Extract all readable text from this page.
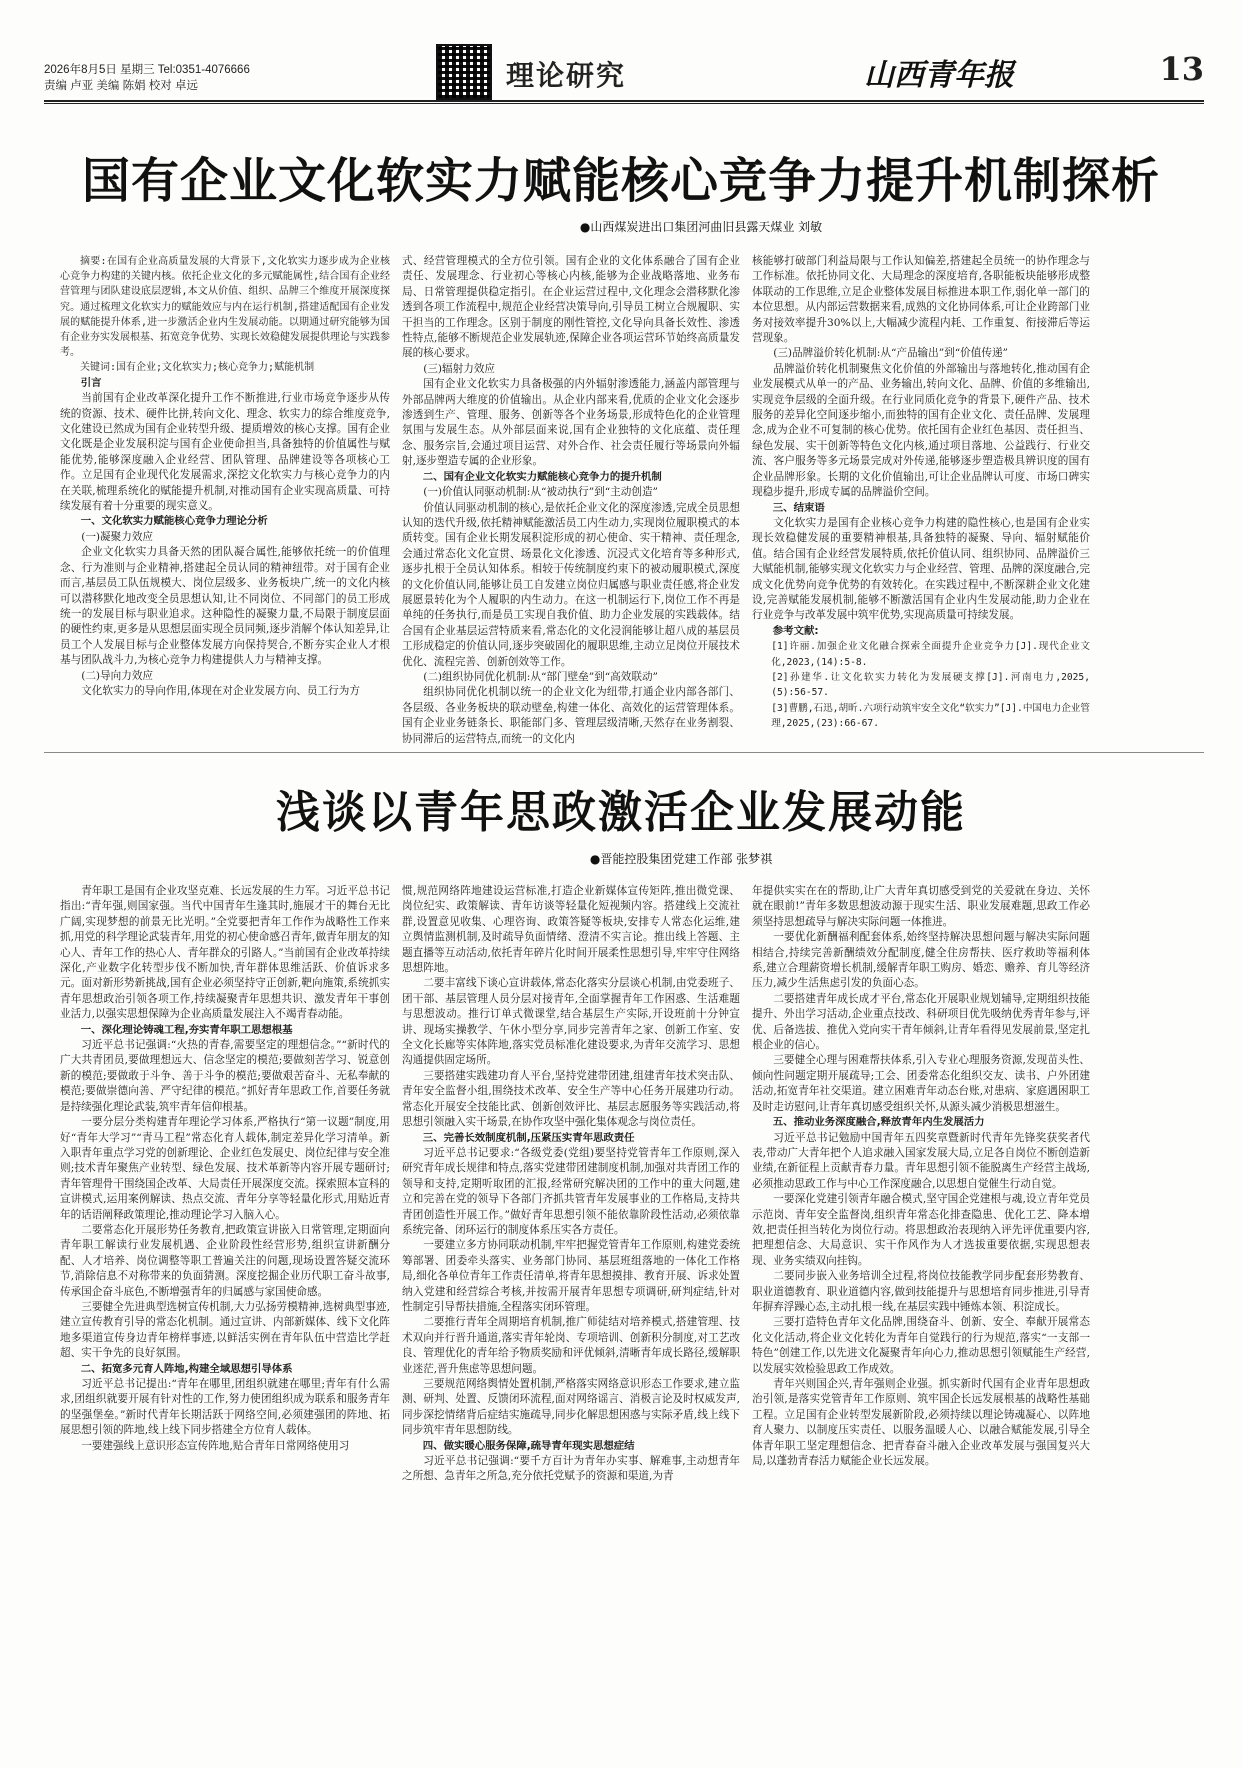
2026年8月5日 星期三 Tel:0351-4076666
责编 卢亚 美编 陈娟 校对 卓远	理论研究	山西青年报	13
国有企业文化软实力赋能核心竞争力提升机制探析
●山西煤炭进出口集团河曲旧县露天煤业 刘敏

摘要:在国有企业高质量发展的大背景下,文化软实力逐步成为企业核心竞争力构建的关键内核。依托企业文化的多元赋能属性,结合国有企业经营管理与团队建设底层逻辑,本文从价值、组织、品牌三个维度开展深度探究。通过梳理文化软实力的赋能效应与内在运行机制,搭建适配国有企业发展的赋能提升体系,进一步激活企业内生发展动能。以期通过研究能够为国有企业夯实发展根基、拓宽竞争优势、实现长效稳健发展提供理论与实践参考。

关键词:国有企业;文化软实力;核心竞争力;赋能机制

引言

当前国有企业改革深化提升工作不断推进,行业市场竞争逐步从传统的资源、技术、硬件比拼,转向文化、理念、软实力的综合维度竞争,文化建设已然成为国有企业转型升级、提质增效的核心支撑。国有企业文化既是企业发展积淀与国有企业使命担当,具备独特的价值属性与赋能优势,能够深度融入企业经营、团队管理、品牌建设等各项核心工作。立足国有企业现代化发展需求,深挖文化软实力与核心竞争力的内在关联,梳理系统化的赋能提升机制,对推动国有企业实现高质量、可持续发展有着十分重要的现实意义。

一、文化软实力赋能核心竞争力理论分析

(一)凝聚力效应

企业文化软实力具备天然的团队凝合属性,能够依托统一的价值理念、行为准则与企业精神,搭建起全员认同的精神纽带。对于国有企业而言,基层员工队伍规模大、岗位层级多、业务板块广,统一的文化内核可以潜移默化地改变全员思想认知,让不同岗位、不同部门的员工形成统一的发展目标与职业追求。这种隐性的凝聚力量,不局限于制度层面的硬性约束,更多是从思想层面实现全员同频,逐步消解个体认知差异,让员工个人发展目标与企业整体发展方向保持契合,不断夯实企业人才根基与团队战斗力,为核心竞争力构建提供人力与精神支撑。

(二)导向力效应

文化软实力的导向作用,体现在对企业发展方向、员工行为方

式、经营管理模式的全方位引领。国有企业的文化体系融合了国有企业责任、发展理念、行业初心等核心内核,能够为企业战略落地、业务布局、日常管理提供稳定指引。在企业运营过程中,文化理念会潜移默化渗透到各项工作流程中,规范企业经营决策导向,引导员工树立合规履职、实干担当的工作理念。区别于制度的刚性管控,文化导向具备长效性、渗透性特点,能够不断规范企业发展轨迹,保障企业各项运营环节始终高质量发展的核心要求。

(三)辐射力效应

国有企业文化软实力具备极强的内外辐射渗透能力,涵盖内部管理与外部品牌两大维度的价值输出。从企业内部来看,优质的企业文化会逐步渗透到生产、管理、服务、创新等各个业务场景,形成特色化的企业管理氛围与发展生态。从外部层面来说,国有企业独特的文化底蕴、责任理念、服务宗旨,会通过项目运营、对外合作、社会责任履行等场景向外辐射,逐步塑造专属的企业形象。

二、国有企业文化软实力赋能核心竞争力的提升机制

(一)价值认同驱动机制:从“被动执行”到“主动创造”

价值认同驱动机制的核心,是依托企业文化的深度渗透,完成全员思想认知的迭代升级,依托精神赋能激活员工内生动力,实现岗位履职模式的本质转变。国有企业长期发展积淀形成的初心使命、实干精神、责任理念,会通过常态化文化宣贯、场景化文化渗透、沉浸式文化培育等多种形式,逐步扎根于全员认知体系。相较于传统制度约束下的被动履职模式,深度的文化价值认同,能够让员工自发建立岗位归属感与职业责任感,将企业发展愿景转化为个人履职的内生动力。在这一机制运行下,岗位工作不再是单纯的任务执行,而是员工实现自我价值、助力企业发展的实践载体。结合国有企业基层运营特质来看,常态化的文化浸润能够让超八成的基层员工形成稳定的价值认同,逐步突破固化的履职思维,主动立足岗位开展技术优化、流程完善、创新创效等工作。

(二)组织协同优化机制:从“部门壁垒”到“高效联动”

组织协同优化机制以统一的企业文化为纽带,打通企业内部各部门、各层级、各业务板块的联动壁垒,构建一体化、高效化的运营管理体系。国有企业业务链条长、职能部门多、管理层级清晰,天然存在业务割裂、协同滞后的运营特点,而统一的文化内

核能够打破部门利益局限与工作认知偏差,搭建起全员统一的协作理念与工作标准。依托协同文化、大局理念的深度培育,各职能板块能够形成整体联动的工作思维,立足企业整体发展目标推进本职工作,弱化单一部门的本位思想。从内部运营数据来看,成熟的文化协同体系,可让企业跨部门业务对接效率提升30%以上,大幅减少流程内耗、工作重复、衔接滞后等运营现象。

(三)品牌溢价转化机制:从“产品输出”到“价值传递”

品牌溢价转化机制聚焦文化价值的外部输出与落地转化,推动国有企业发展模式从单一的产品、业务输出,转向文化、品牌、价值的多维输出,实现竞争层级的全面升级。在行业同质化竞争的背景下,硬件产品、技术服务的差异化空间逐步缩小,而独特的国有企业文化、责任品牌、发展理念,成为企业不可复制的核心优势。依托国有企业红色基因、责任担当、绿色发展、实干创新等特色文化内核,通过项目落地、公益践行、行业交流、客户服务等多元场景完成对外传递,能够逐步塑造极具辨识度的国有企业品牌形象。长期的文化价值输出,可让企业品牌认可度、市场口碑实现稳步提升,形成专属的品牌溢价空间。

三、结束语

文化软实力是国有企业核心竞争力构建的隐性核心,也是国有企业实现长效稳健发展的重要精神根基,具备独特的凝聚、导向、辐射赋能价值。结合国有企业经营发展特质,依托价值认同、组织协同、品牌溢价三大赋能机制,能够实现文化软实力与企业经营、管理、品牌的深度融合,完成文化优势向竞争优势的有效转化。在实践过程中,不断深耕企业文化建设,完善赋能发展机制,能够不断激活国有企业内生发展动能,助力企业在行业竞争与改革发展中筑牢优势,实现高质量可持续发展。

参考文献:

[1]许丽.加强企业文化融合探索全面提升企业竞争力[J].现代企业文化,2023,(14):5-8.

[2]孙建华.让文化软实力转化为发展硬支撑[J].河南电力,2025,(5):56-57.

[3]曹鹏,石迅,胡昕.六项行动筑牢安全文化“软实力”[J].中国电力企业管理,2025,(23):66-67.

浅谈以青年思政激活企业发展动能
●晋能控股集团党建工作部 张梦祺

青年职工是国有企业攻坚克难、长远发展的生力军。习近平总书记指出:“青年强,则国家强。当代中国青年生逢其时,施展才干的舞台无比广阔,实现梦想的前景无比光明。”全党要把青年工作作为战略性工作来抓,用党的科学理论武装青年,用党的初心使命感召青年,做青年朋友的知心人、青年工作的热心人、青年群众的引路人。”当前国有企业改革持续深化,产业数字化转型步伐不断加快,青年群体思维活跃、价值诉求多元。面对新形势新挑战,国有企业必须坚持守正创新,靶向施策,系统抓实青年思想政治引领各项工作,持续凝聚青年思想共识、激发青年干事创业活力,以强实思想保障为企业高质量发展注入不竭青春动能。

一、深化理论铸魂工程,夯实青年职工思想根基

习近平总书记强调:“火热的青春,需要坚定的理想信念。”“新时代的广大共青团员,要做理想远大、信念坚定的模范;要做刻苦学习、锐意创新的模范;要做敢于斗争、善于斗争的模范;要做艰苦奋斗、无私奉献的模范;要做崇德向善、严守纪律的模范。”抓好青年思政工作,首要任务就是持续强化理论武装,筑牢青年信仰根基。

一要分层分类构建青年理论学习体系,严格执行“第一议题”制度,用好“青年大学习”“青马工程”常态化育人载体,制定差异化学习清单。新入职青年重点学习党的创新理论、企业红色发展史、岗位纪律与安全准则;技术青年聚焦产业转型、绿色发展、技术革新等内容开展专题研讨;青年管理骨干围绕国企改革、大局责任开展深度交流。探索照本宣科的宣讲模式,运用案例解读、热点交流、青年分享等轻量化形式,用贴近青年的话语阐释政策理论,推动理论学习入脑入心。

二要常态化开展形势任务教育,把政策宣讲嵌入日常管理,定期面向青年职工解读行业发展机遇、企业阶段性经营形势,组织宣讲新酬分配、人才培养、岗位调整等职工普遍关注的问题,现场设置答疑交流环节,消除信息不对称带来的负面猜测。深度挖掘企业历代职工奋斗故事,传承国企奋斗底色,不断增强青年的归属感与家国使命感。

三要健全先进典型选树宣传机制,大力弘扬劳模精神,选树典型事迹,建立宣传教育引导的常态化机制。通过宣讲、内部新媒体、线下文化阵地多渠道宣传身边青年榜样事迹,以鲜活实例在青年队伍中营造比学赶超、实干争先的良好氛围。

二、拓宽多元育人阵地,构建全域思想引导体系

习近平总书记提出:“青年在哪里,团组织就建在哪里;青年有什么需求,团组织就要开展有针对性的工作,努力使团组织成为联系和服务青年的坚强堡垒。”新时代青年长期活跃于网络空间,必须建强团的阵地、拓展思想引领的阵地,线上线下同步搭建全方位育人载体。

一要建强线上意识形态宣传阵地,贴合青年日常网络使用习

惯,规范网络阵地建设运营标准,打造企业新媒体宣传矩阵,推出微党课、岗位纪实、政策解读、青年访谈等轻量化短视频内容。搭建线上交流社群,设置意见收集、心理咨询、政策答疑等板块,安排专人常态化运维,建立舆情监测机制,及时疏导负面情绪、澄清不实言论。推出线上答题、主题直播等互动活动,依托青年碎片化时间开展柔性思想引导,牢牢守住网络思想阵地。

二要丰富线下谈心宣讲载体,常态化落实分层谈心机制,由党委班子、团干部、基层管理人员分层对接青年,全面掌握青年工作困惑、生活难题与思想波动。推行订单式微课堂,结合基层生产实际,开设班前十分钟宣讲、现场实操教学、午休小型分享,同步完善青年之家、创新工作室、安全文化长廊等实体阵地,落实党员标准化建设要求,为青年交流学习、思想沟通提供固定场所。

三要搭建实践建功育人平台,坚持党建带团建,组建青年技术突击队、青年安全监督小组,围绕技术改革、安全生产等中心任务开展建功行动。常态化开展安全技能比武、创新创效评比、基层志愿服务等实践活动,将思想引领融入实干场景,在协作攻坚中强化集体观念与岗位责任。

三、完善长效制度机制,压紧压实青年思政责任

习近平总书记要求:“各级党委(党组)要坚持党管青年工作原则,深入研究青年成长规律和特点,落实党建带团建制度机制,加强对共青团工作的领导和支持,定期听取团的汇报,经常研究解决团的工作中的重大问题,建立和完善在党的领导下各部门齐抓共管青年发展事业的工作格局,支持共青团创造性开展工作。”做好青年思想引领不能依靠阶段性活动,必须依靠系统完备、闭环运行的制度体系压实各方责任。

一要建立多方协同联动机制,牢牢把握党管青年工作原则,构建党委统筹部署、团委牵头落实、业务部门协同、基层班组落地的一体化工作格局,细化各单位青年工作责任清单,将青年思想摸排、教育开展、诉求处置纳入党建和经营综合考核,并按需开展青年思想专项调研,研判症结,针对性制定引导帮扶措施,全程落实闭环管理。

二要推行青年全周期培育机制,推广师徒结对培养模式,搭建管理、技术双向并行晋升通道,落实青年轮岗、专项培训、创新积分制度,对工艺改良、管理优化的青年给予物质奖励和评优倾斜,清晰青年成长路径,缓解职业迷茫,晋升焦虑等思想问题。

三要规范网络舆情处置机制,严格落实网络意识形态工作要求,建立监测、研判、处置、反馈闭环流程,面对网络谣言、消极言论及时权威发声,同步深挖情绪背后症结实施疏导,同步化解思想困惑与实际矛盾,线上线下同步筑牢青年思想防线。

四、做实暖心服务保障,疏导青年现实思想症结

习近平总书记强调:“要千方百计为青年办实事、解难事,主动想青年之所想、急青年之所急,充分依托党赋予的资源和渠道,为青

年提供实实在在的帮助,让广大青年真切感受到党的关爱就在身边、关怀就在眼前!”青年多数思想波动源于现实生活、职业发展难题,思政工作必须坚持思想疏导与解决实际问题一体推进。

一要优化新酬福利配套体系,始终坚持解决思想问题与解决实际问题相结合,持续完善新酬绩效分配制度,健全住房帮扶、医疗救助等福利体系,建立合理薪资增长机制,缓解青年职工购房、婚恋、赡养、育儿等经济压力,减少生活焦虑引发的负面心态。

二要搭建青年成长成才平台,常态化开展职业规划辅导,定期组织技能提升、外出学习活动,企业重点技改、科研项目优先吸纳优秀青年参与,评优、后备选拔、推优入党向实干青年倾斜,让青年看得见发展前景,坚定扎根企业的信心。

三要健全心理与困难帮扶体系,引入专业心理服务资源,发现苗头性、倾向性问题定期开展疏导;工会、团委常态化组织交友、读书、户外团建活动,拓宽青年社交渠道。建立困难青年动态台账,对患病、家庭遇困职工及时走访慰问,让青年真切感受组织关怀,从源头减少消极思想滋生。

五、推动业务深度融合,释放青年内生发展活力

习近平总书记勉励中国青年五四奖章暨新时代青年先锋奖获奖者代表,带动广大青年把个人追求融入国家发展大局,立足各自岗位不断创造新业绩,在新征程上贡献青春力量。青年思想引领不能脱离生产经营主战场,必须推动思政工作与中心工作深度融合,以思想自觉催生行动自觉。

一要深化党建引领青年融合模式,坚守国企党建根与魂,设立青年党员示范岗、青年安全监督岗,组织青年常态化排查隐患、优化工艺、降本增效,把责任担当转化为岗位行动。将思想政治表现纳入评先评优重要内容,把理想信念、大局意识、实干作风作为人才选拔重要依据,实现思想表现、业务实绩双向挂钩。

二要同步嵌入业务培训全过程,将岗位技能教学同步配套形势教育、职业道德教育、职业道德内容,做到技能提升与思想培育同步推进,引导青年摒弃浮躁心态,主动扎根一线,在基层实践中锤炼本领、积淀成长。

三要打造特色青年文化品牌,围绕奋斗、创新、安全、奉献开展常态化文化活动,将企业文化转化为青年自觉践行的行为规范,落实“一支部一特色”创建工作,以先进文化凝聚青年向心力,推动思想引领赋能生产经营,以发展实效检验思政工作成效。

青年兴则国企兴,青年强则企业强。抓实新时代国有企业青年思想政治引领,是落实党管青年工作原则、筑牢国企长远发展根基的战略性基础工程。立足国有企业转型发展新阶段,必须持续以理论铸魂凝心、以阵地育人聚力、以制度压实责任、以服务温暖人心、以融合赋能发展,引导全体青年职工坚定理想信念、把青春奋斗融入企业改革发展与强国复兴大局,以蓬勃青春活力赋能企业长远发展。
